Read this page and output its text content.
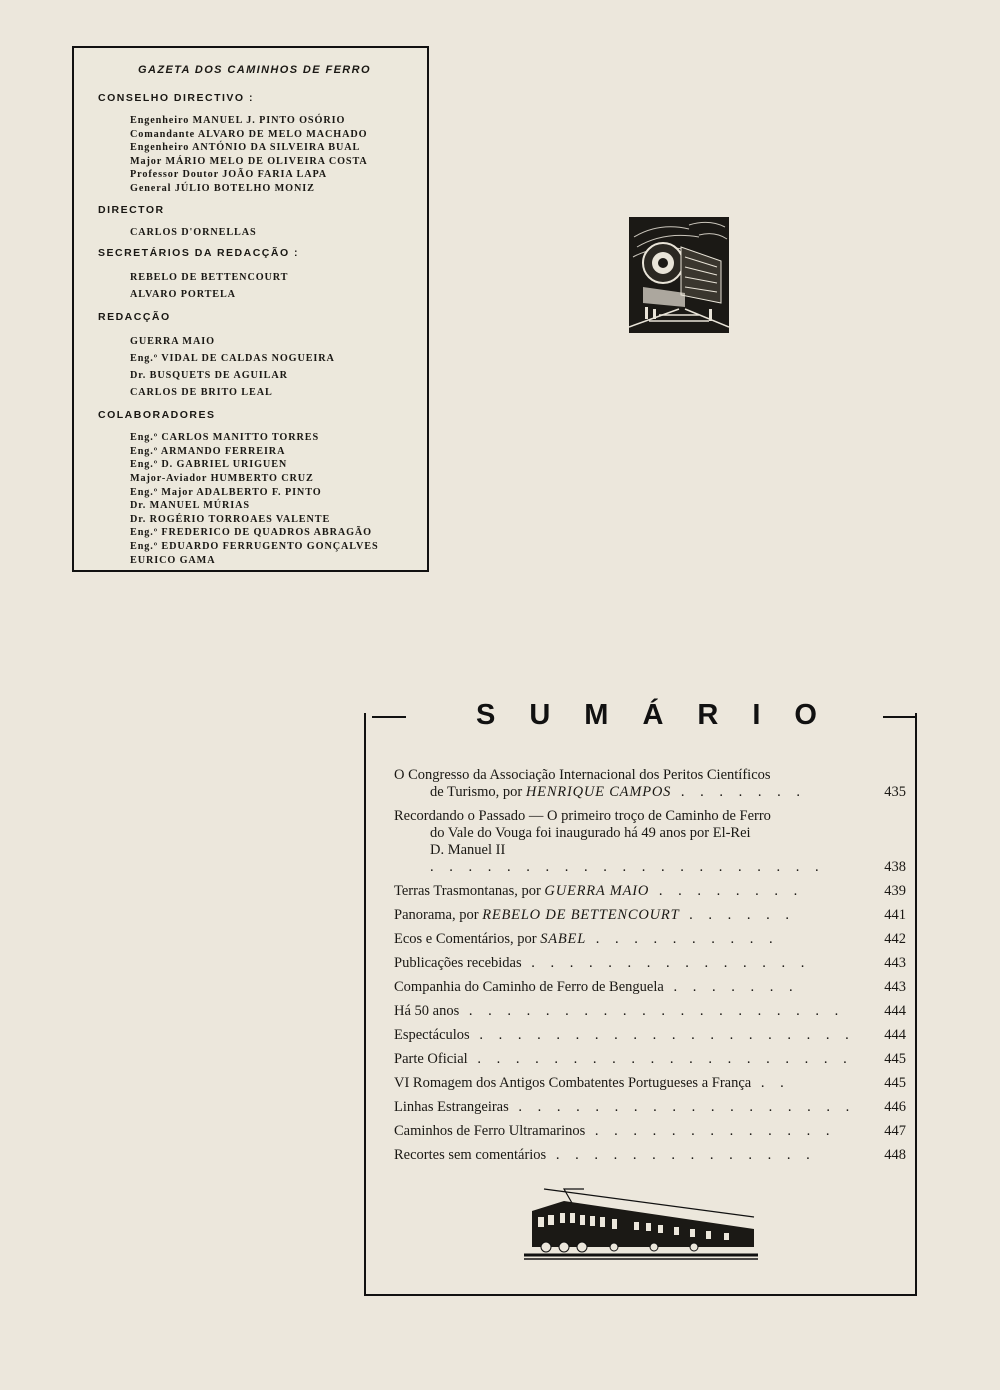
GAZETA DOS CAMINHOS DE FERRO
CONSELHO DIRECTIVO :
Engenheiro MANUEL J. PINTO OSÓRIO
Comandante ALVARO DE MELO MACHADO
Engenheiro ANTÓNIO DA SILVEIRA BUAL
Major MÁRIO MELO DE OLIVEIRA COSTA
Professor Doutor JOÃO FARIA LAPA
General JÚLIO BOTELHO MONIZ
DIRECTOR
CARLOS D'ORNELLAS
SECRETÁRIOS DA REDACÇÃO :
REBELO DE BETTENCOURT
ALVARO PORTELA
REDACÇÃO
GUERRA MAIO
Eng.º VIDAL DE CALDAS NOGUEIRA
Dr. BUSQUETS DE AGUILAR
CARLOS DE BRITO LEAL
COLABORADORES
Eng.º CARLOS MANITTO TORRES
Eng.º ARMANDO FERREIRA
Eng.º D. GABRIEL URIGUEN
Major-Aviador HUMBERTO CRUZ
Eng.º Major ADALBERTO F. PINTO
Dr. MANUEL MÚRIAS
Dr. ROGÉRIO TORROAES VALENTE
Eng.º FREDERICO DE QUADROS ABRAGÃO
Eng.º EDUARDO FERRUGENTO GONÇALVES
EURICO GAMA
SUMÁRIO
O Congresso da Associação Internacional dos Peritos Científicos
de Turismo, por HENRIQUE CAMPOS . . . . . . .	435
Recordando o Passado — O primeiro troço de Caminho de Ferro
do Vale do Vouga foi inaugurado há 49 anos por El-Rei
D. Manuel II . . . . . . . . . . . . . . . . . . . . .	438
Terras Trasmontanas, por GUERRA MAIO . . . . . . . .	439
Panorama, por REBELO DE BETTENCOURT . . . . . .	441
Ecos e Comentários, por SABEL . . . . . . . . . .	442
Publicações recebidas . . . . . . . . . . . . . . .	443
Companhia do Caminho de Ferro de Benguela . . . . . . .	443
Há 50 anos . . . . . . . . . . . . . . . . . . . .	444
Espectáculos . . . . . . . . . . . . . . . . . . . .	444
Parte Oficial . . . . . . . . . . . . . . . . . . . .	445
VI Romagem dos Antigos Combatentes Portugueses a França . .	445
Linhas Estrangeiras . . . . . . . . . . . . . . . . . .	446
Caminhos de Ferro Ultramarinos . . . . . . . . . . . . .	447
Recortes sem comentários . . . . . . . . . . . . . .	448
